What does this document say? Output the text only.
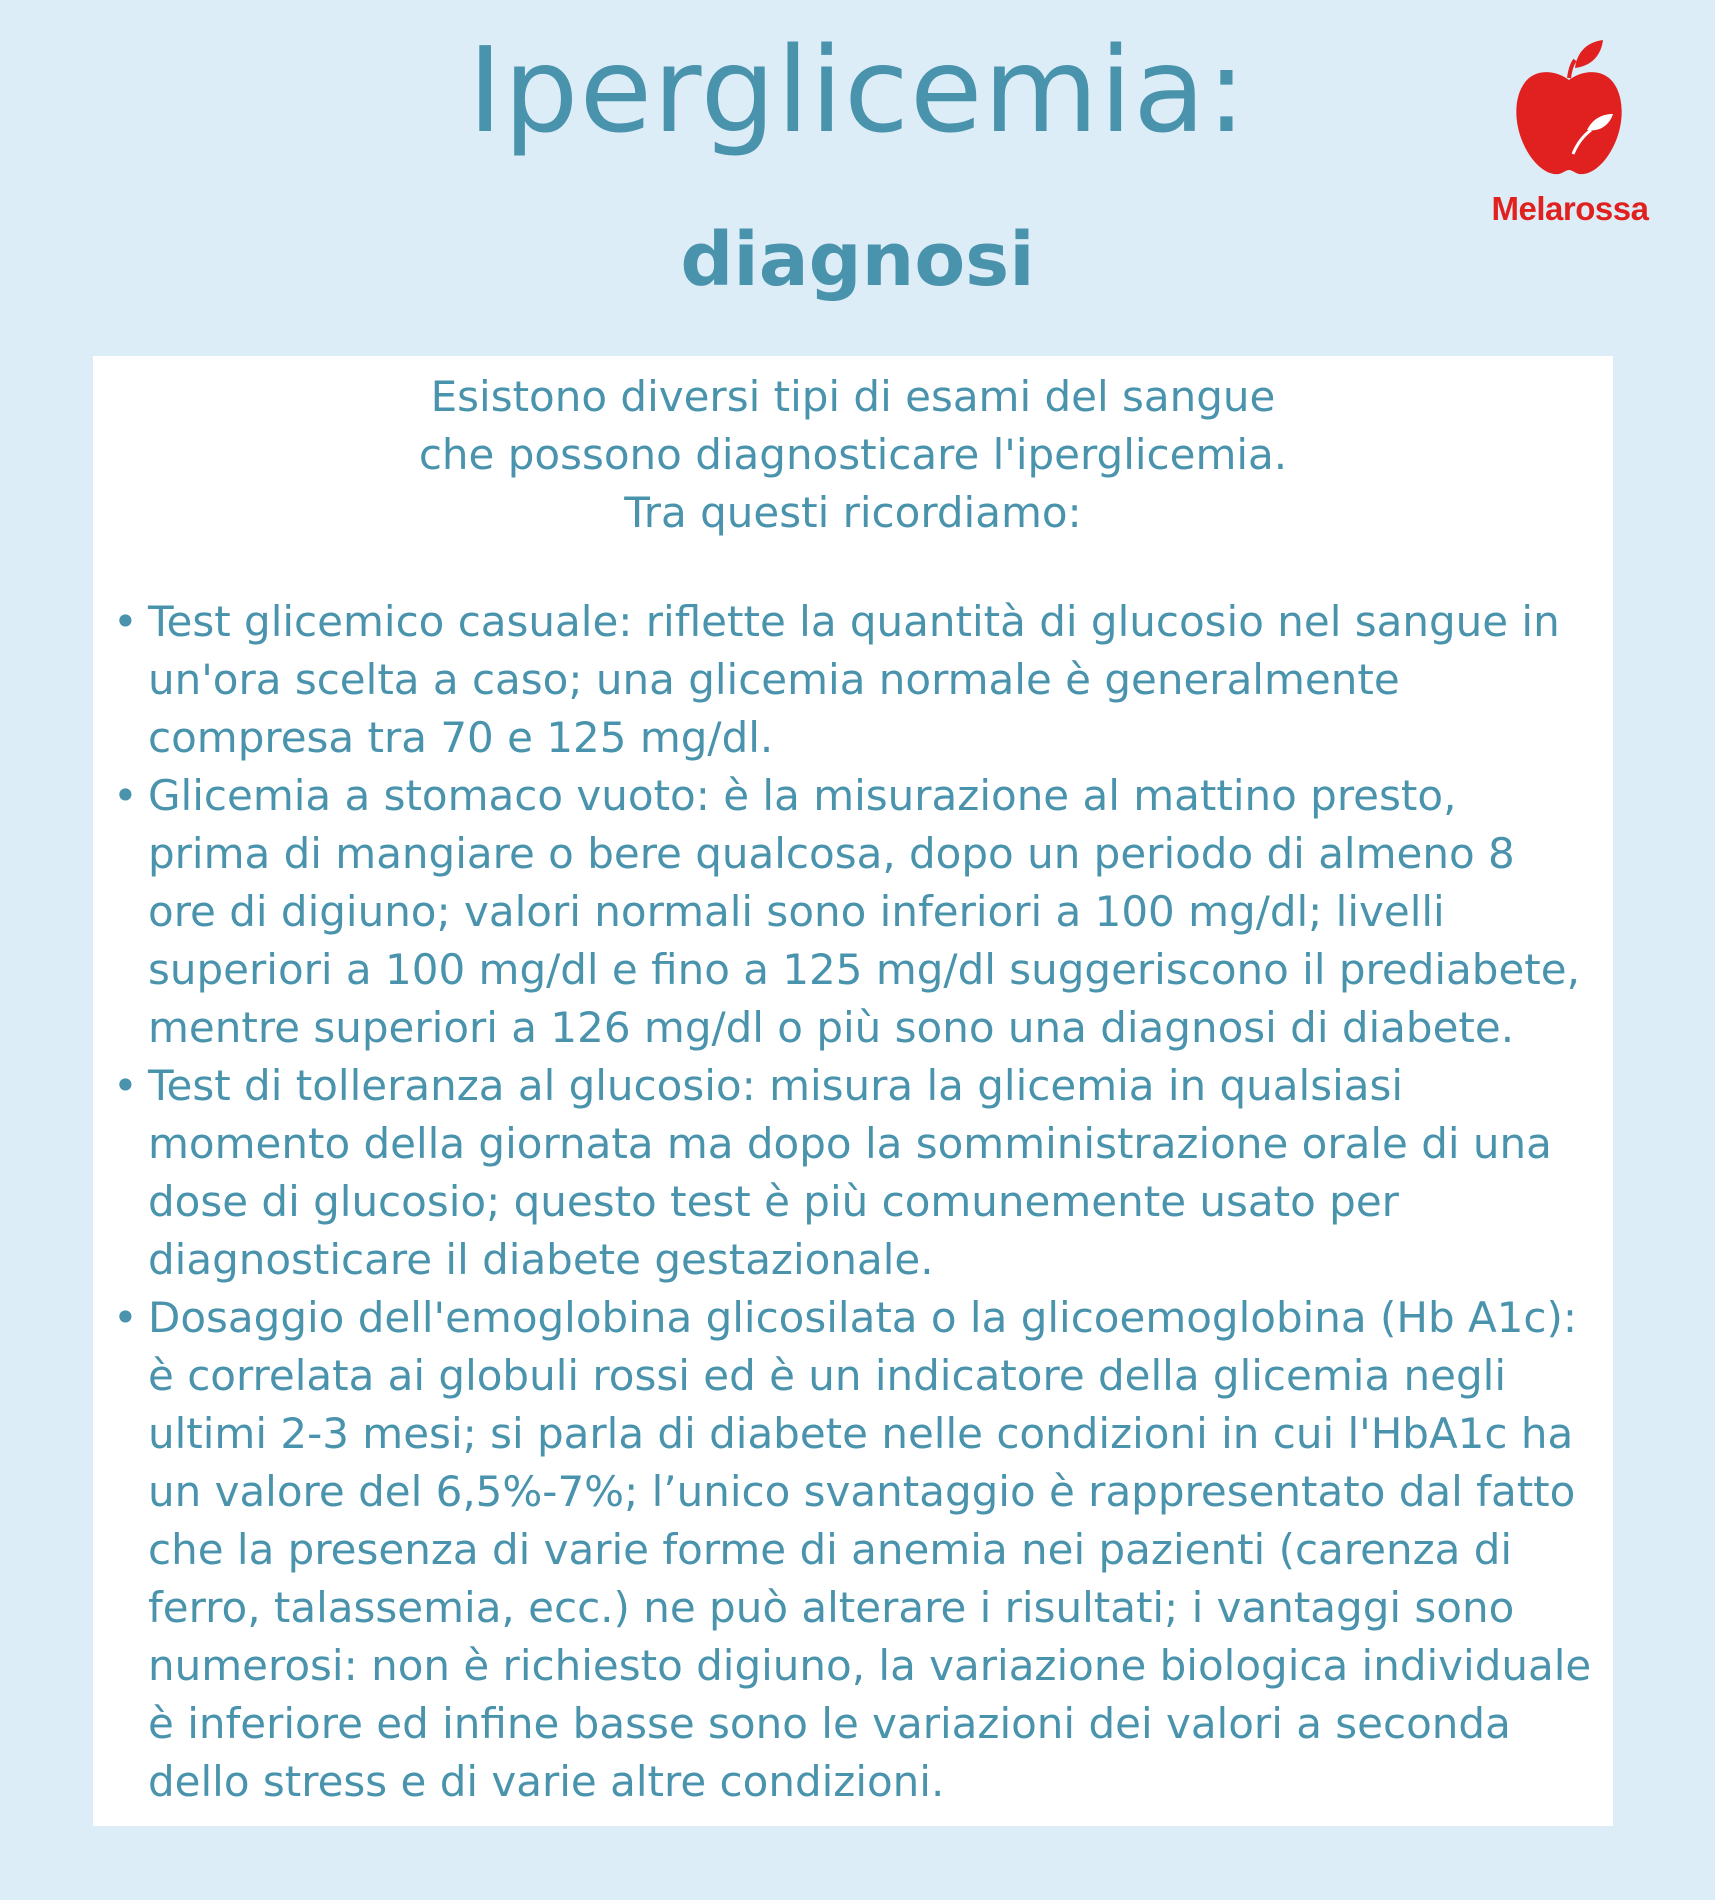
Iperglicemia:
diagnosi
Melarossa
Esistono diversi tipi di esami del sangue
che possono diagnosticare l'iperglicemia.
Tra questi ricordiamo:
• Test glicemico casuale: riflette la quantità di glucosio nel sangue in
un'ora scelta a caso; una glicemia normale è generalmente
compresa tra 70 e 125 mg/dl.
• Glicemia a stomaco vuoto: è la misurazione al mattino presto,
prima di mangiare o bere qualcosa, dopo un periodo di almeno 8
ore di digiuno; valori normali sono inferiori a 100 mg/dl; livelli
superiori a 100 mg/dl e fino a 125 mg/dl suggeriscono il prediabete,
mentre superiori a 126 mg/dl o più sono una diagnosi di diabete.
• Test di tolleranza al glucosio: misura la glicemia in qualsiasi
momento della giornata ma dopo la somministrazione orale di una
dose di glucosio; questo test è più comunemente usato per
diagnosticare il diabete gestazionale.
• Dosaggio dell'emoglobina glicosilata o la glicoemoglobina (Hb A1c):
è correlata ai globuli rossi ed è un indicatore della glicemia negli
ultimi 2-3 mesi; si parla di diabete nelle condizioni in cui l'HbA1c ha
un valore del 6,5%-7%; l’unico svantaggio è rappresentato dal fatto
che la presenza di varie forme di anemia nei pazienti (carenza di
ferro, talassemia, ecc.) ne può alterare i risultati; i vantaggi sono
numerosi: non è richiesto digiuno, la variazione biologica individuale
è inferiore ed infine basse sono le variazioni dei valori a seconda
dello stress e di varie altre condizioni.
